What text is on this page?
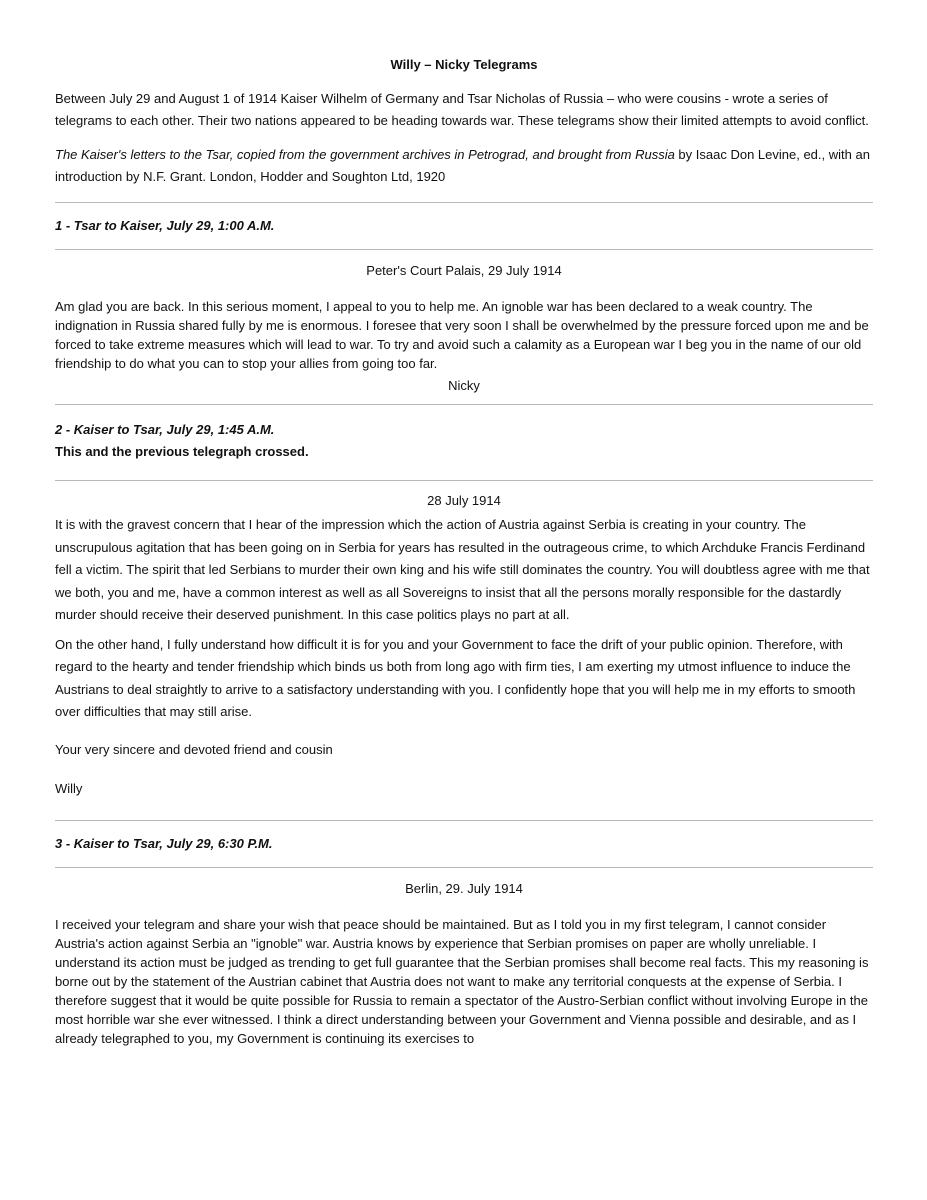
Willy – Nicky Telegrams

Between July 29 and August 1 of 1914 Kaiser Wilhelm of Germany and Tsar Nicholas of Russia – who were cousins - wrote a series of telegrams to each other. Their two nations appeared to be heading towards war. These telegrams show their limited attempts to avoid conflict.

The Kaiser's letters to the Tsar, copied from the government archives in Petrograd, and brought from Russia by Isaac Don Levine, ed., with an introduction by N.F. Grant. London, Hodder and Soughton Ltd, 1920

1 - Tsar to Kaiser, July 29, 1:00 A.M.

Peter's Court Palais, 29 July 1914

Am glad you are back. In this serious moment, I appeal to you to help me. An ignoble war has been declared to a weak country. The indignation in Russia shared fully by me is enormous. I foresee that very soon I shall be overwhelmed by the pressure forced upon me and be forced to take extreme measures which will lead to war. To try and avoid such a calamity as a European war I beg you in the name of our old friendship to do what you can to stop your allies from going too far.

Nicky

2 - Kaiser to Tsar, July 29, 1:45 A.M.

This and the previous telegraph crossed.

28 July 1914

It is with the gravest concern that I hear of the impression which the action of Austria against Serbia is creating in your country. The unscrupulous agitation that has been going on in Serbia for years has resulted in the outrageous crime, to which Archduke Francis Ferdinand fell a victim. The spirit that led Serbians to murder their own king and his wife still dominates the country. You will doubtless agree with me that we both, you and me, have a common interest as well as all Sovereigns to insist that all the persons morally responsible for the dastardly murder should receive their deserved punishment. In this case politics plays no part at all.

On the other hand, I fully understand how difficult it is for you and your Government to face the drift of your public opinion. Therefore, with regard to the hearty and tender friendship which binds us both from long ago with firm ties, I am exerting my utmost influence to induce the Austrians to deal straightly to arrive to a satisfactory understanding with you. I confidently hope that you will help me in my efforts to smooth over difficulties that may still arise.

Your very sincere and devoted friend and cousin

Willy

3 - Kaiser to Tsar, July 29, 6:30 P.M.

Berlin, 29. July 1914

I received your telegram and share your wish that peace should be maintained. But as I told you in my first telegram, I cannot consider Austria's action against Serbia an "ignoble" war. Austria knows by experience that Serbian promises on paper are wholly unreliable. I understand its action must be judged as trending to get full guarantee that the Serbian promises shall become real facts. This my reasoning is borne out by the statement of the Austrian cabinet that Austria does not want to make any territorial conquests at the expense of Serbia. I therefore suggest that it would be quite possible for Russia to remain a spectator of the Austro-Serbian conflict without involving Europe in the most horrible war she ever witnessed. I think a direct understanding between your Government and Vienna possible and desirable, and as I already telegraphed to you, my Government is continuing its exercises to
